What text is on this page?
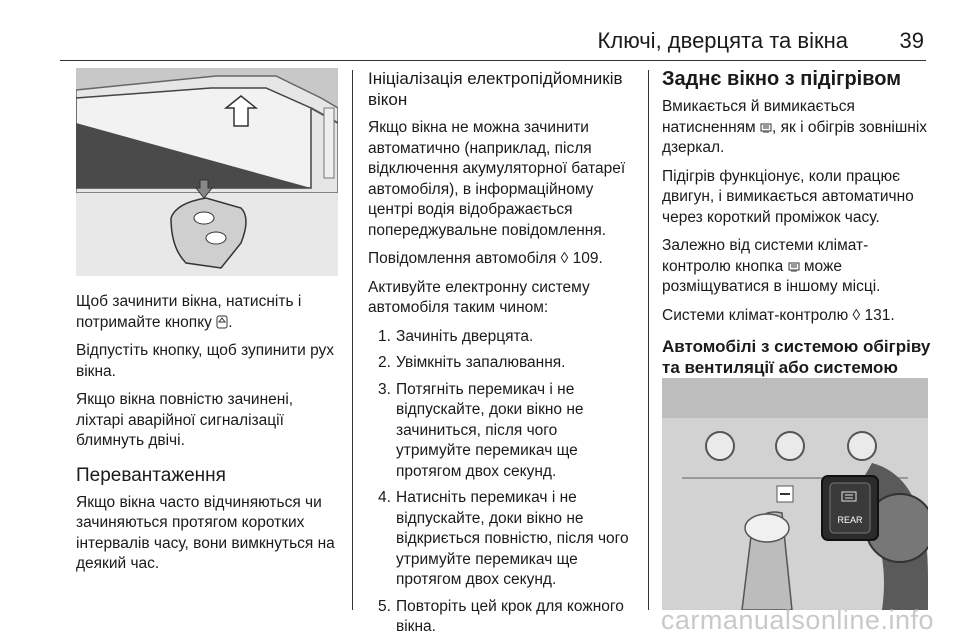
Ключі, дверцята та вікна 39

Щоб зачинити вікна, натисніть і потримайте кнопку .

Відпустіть кнопку, щоб зупинити рух вікна.

Якщо вікна повністю зачинені, ліхтарі аварійної сигналізації блимнуть двічі.

Перевантаження

Якщо вікна часто відчиняються чи зачиняються протягом коротких інтервалів часу, вони вимкнуться на деякий час.

Ініціалізація електропідйомників вікон

Якщо вікна не можна зачинити автоматично (наприклад, після відключення акумуляторної батареї автомобіля), в інформаційному центрі водія відображається попереджувальне повідомлення.

Повідомлення автомобіля ◊ 109.

Активуйте електронну систему автомобіля таким чином:

1. Зачиніть дверцята.
2. Увімкніть запалювання.
3. Потягніть перемикач і не відпускайте, доки вікно не зачиниться, після чого утримуйте перемикач ще протягом двох секунд.
4. Натисніть перемикач і не відпускайте, доки вікно не відкриється повністю, після чого утримуйте перемикач ще протягом двох секунд.
5. Повторіть цей крок для кожного вікна.
Заднє вікно з підігрівом

Вмикається й вимикається натисненням , як і обігрів зовнішніх дзеркал.

Підігрів функціонує, коли працює двигун, і вимикається автоматично через короткий проміжок часу.

Залежно від системи клімат-контролю кнопка може розміщуватися в іншому місці.

Системи клімат-контролю ◊ 131.

Автомобілі з системою обігріву та вентиляції або системою
REAR
carmanualsonline.info
